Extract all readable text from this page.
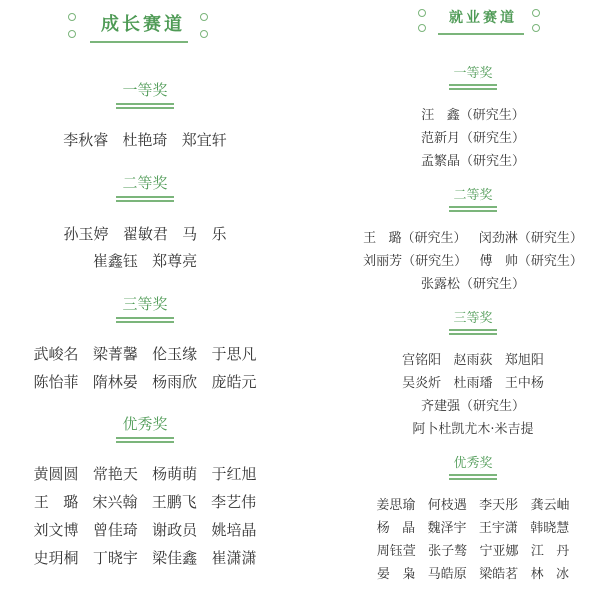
成长赛道
一等奖
李秋睿   杜艳琦   郑宜轩
二等奖
孙玉婷   翟敏君   马   乐
崔鑫钰   郑尊亮
三等奖
武峻名   梁菁馨   伦玉缘   于思凡
陈怡菲   隋林晏   杨雨欣   庞皓元
优秀奖
黄圆圆   常艳天   杨萌萌   于红旭
王   璐   宋兴翰   王鹏飞   李艺伟
刘文博   曾佳琦   谢政员   姚培晶
史玥桐   丁晓宇   梁佳鑫   崔潇潇
就业赛道
一等奖
汪   鑫（研究生）
范新月（研究生）
孟繁晶（研究生）
二等奖
王   璐（研究生）   闵劲淋（研究生）
刘丽芳（研究生）   傅   帅（研究生）
张露松（研究生）
三等奖
宫铭阳   赵雨荻   郑旭阳
吴炎炘   杜雨璠   王中杨
齐建强（研究生）
阿卜杜凯尤木·米吉提
优秀奖
姜思瑜   何枝遇   李天彤   龚云岫
杨   晶   魏泽宇   王宇潇   韩晓慧
周钰萱   张子骜   宁亚娜   江   丹
晏   枭   马皓原   梁皓茗   林   冰
